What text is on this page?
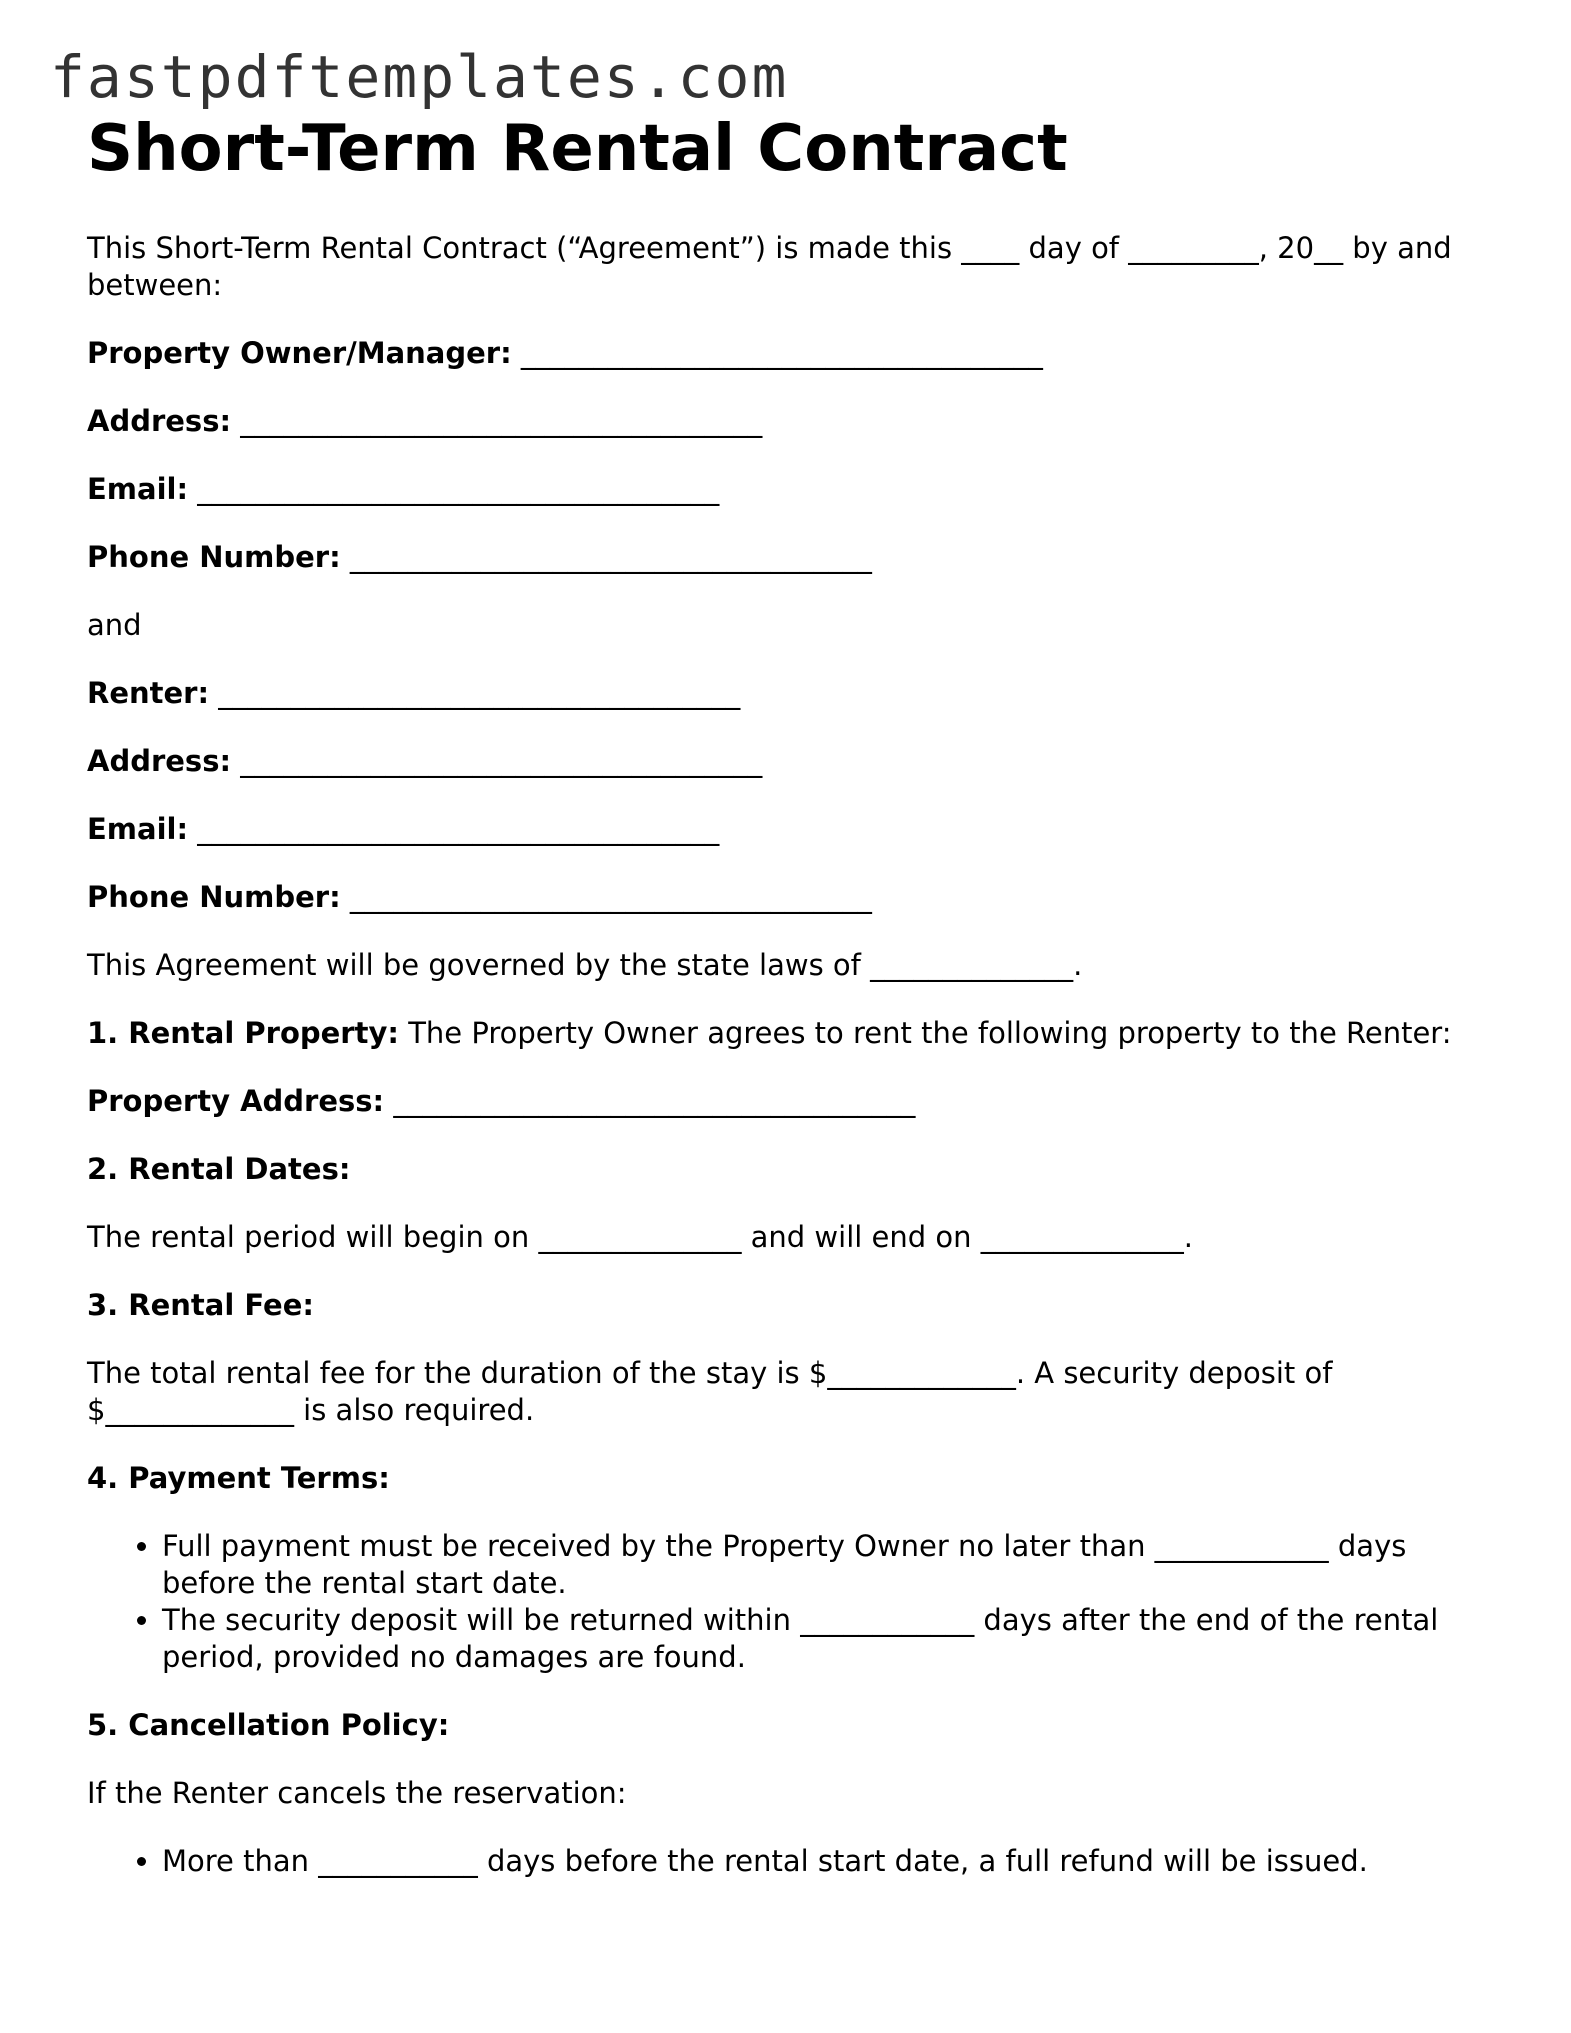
fastpdftemplates.com
Short-Term Rental Contract

This Short-Term Rental Contract (“Agreement”) is made this ____ day of _________, 20__ by and between:

Property Owner/Manager: ____________________________________

Address: ____________________________________

Email: ____________________________________

Phone Number: ____________________________________

and

Renter: ____________________________________

Address: ____________________________________

Email: ____________________________________

Phone Number: ____________________________________

This Agreement will be governed by the state laws of ______________.

1. Rental Property: The Property Owner agrees to rent the following property to the Renter:

Property Address: ____________________________________

2. Rental Dates:

The rental period will begin on ______________ and will end on ______________.

3. Rental Fee:

The total rental fee for the duration of the stay is $_____________. A security deposit of $_____________ is also required.

4. Payment Terms:

• Full payment must be received by the Property Owner no later than ____________ days before the rental start date.
• The security deposit will be returned within ____________ days after the end of the rental period, provided no damages are found.

5. Cancellation Policy:

If the Renter cancels the reservation:

• More than ___________ days before the rental start date, a full refund will be issued.
